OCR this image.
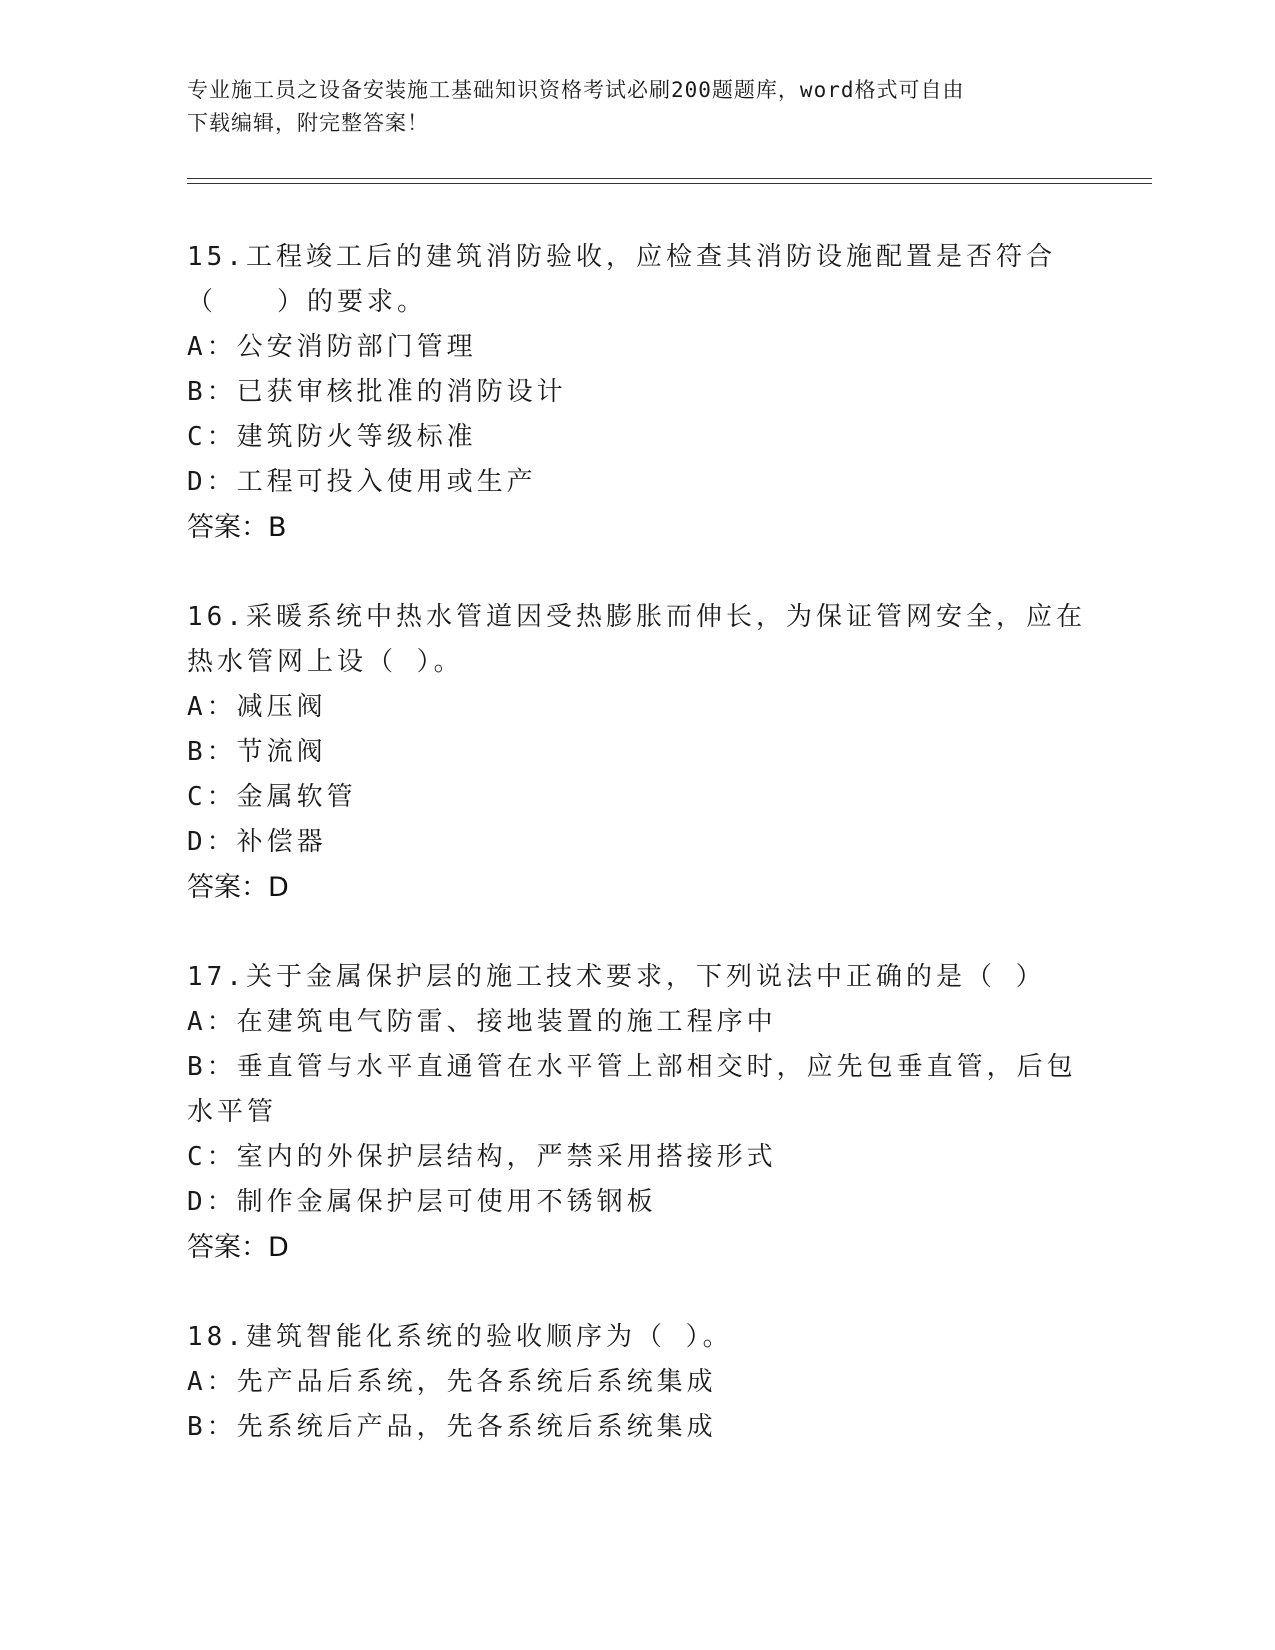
专业施工员之设备安装施工基础知识资格考试必刷200题题库，word格式可自由
下载编辑，附完整答案！

15.工程竣工后的建筑消防验收，应检查其消防设施配置是否符合（　　）的要求。

A：公安消防部门管理

B：已获审核批准的消防设计

C：建筑防火等级标准

D：工程可投入使用或生产

答案：B

16.采暖系统中热水管道因受热膨胀而伸长，为保证管网安全，应在热水管网上设（ ）。

A：减压阀

B：节流阀

C：金属软管

D：补偿器

答案：D

17.关于金属保护层的施工技术要求，下列说法中正确的是（ ）

A：在建筑电气防雷、接地装置的施工程序中

B：垂直管与水平直通管在水平管上部相交时，应先包垂直管，后包水平管

C：室内的外保护层结构，严禁采用搭接形式

D：制作金属保护层可使用不锈钢板

答案：D

18.建筑智能化系统的验收顺序为（ ）。

A：先产品后系统，先各系统后系统集成

B：先系统后产品，先各系统后系统集成
